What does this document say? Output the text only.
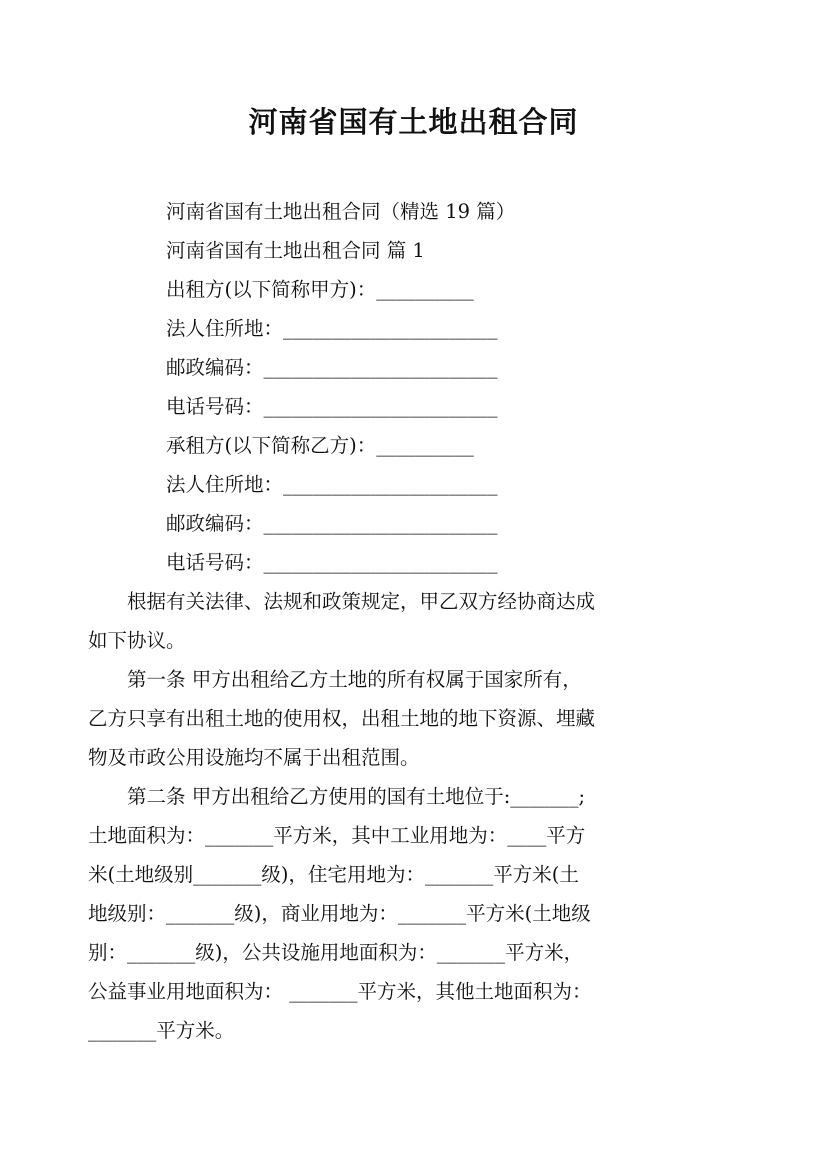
河南省国有土地出租合同

河南省国有土地出租合同（精选 19 篇）

河南省国有土地出租合同 篇 1

出租方(以下简称甲方)：__________

法人住所地：______________________

邮政编码：________________________

电话号码：________________________

承租方(以下简称乙方)：__________

法人住所地：______________________

邮政编码：________________________

电话号码：________________________

根据有关法律、法规和政策规定，甲乙双方经协商达成
如下协议。

第一条 甲方出租给乙方土地的所有权属于国家所有，
乙方只享有出租土地的使用权，出租土地的地下资源、埋藏
物及市政公用设施均不属于出租范围。

第二条 甲方出租给乙方使用的国有土地位于:_______;
土地面积为：_______平方米，其中工业用地为：____平方
米(土地级别_______级)，住宅用地为：_______平方米(土
地级别：_______级)，商业用地为：_______平方米(土地级
别：_______级)，公共设施用地面积为：_______平方米，
公益事业用地面积为： _______平方米，其他土地面积为：
_______平方米。
